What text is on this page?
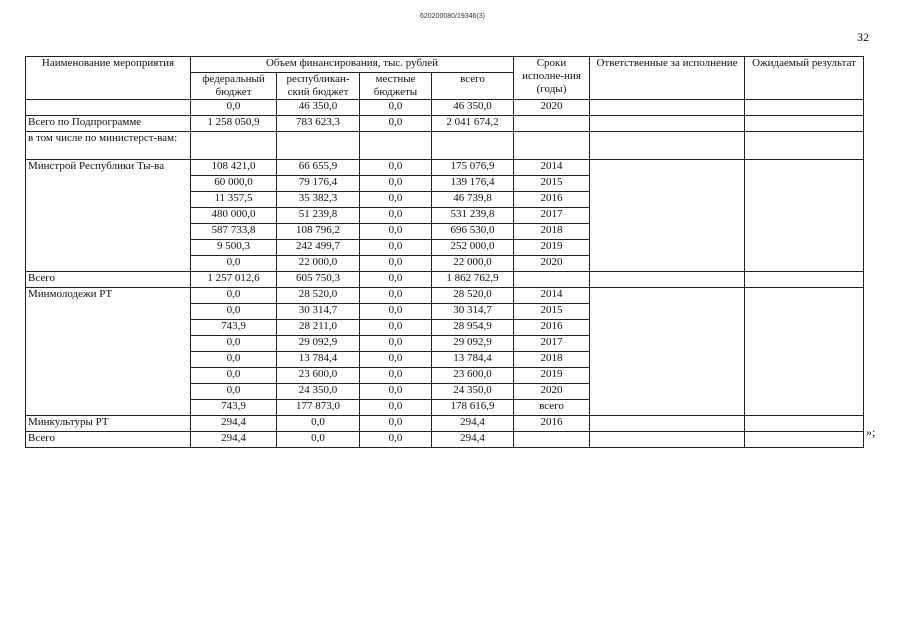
620200080/19346(3)
32
Наименование мероприятия	Объем финансирования, тыс. рублей				Сроки исполне-ния (годы)	Ответственные за исполнение	Ожидаемый результат
	федеральный бюджет	республикан-ский бюджет	местные бюджеты	всего			
	0,0	46 350,0	0,0	46 350,0	2020		
Всего по Подпрограмме	1 258 050,9	783 623,3	0,0	2 041 674,2			
в том числе по министерст-вам:							
Минстрой Республики Ты-ва	108 421,0	66 655,9	0,0	175 076,9	2014		
	60 000,0	79 176,4	0,0	139 176,4	2015		
	11 357,5	35 382,3	0,0	46 739,8	2016		
	480 000,0	51 239,8	0,0	531 239,8	2017		
	587 733,8	108 796,2	0,0	696 530,0	2018		
	9 500,3	242 499,7	0,0	252 000,0	2019		
	0,0	22 000,0	0,0	22 000,0	2020		
Всего	1 257 012,6	605 750,3	0,0	1 862 762,9			
Минмолодежи РТ	0,0	28 520,0	0,0	28 520,0	2014		
	0,0	30 314,7	0,0	30 314,7	2015		
	743,9	28 211,0	0,0	28 954,9	2016		
	0,0	29 092,9	0,0	29 092,9	2017		
	0,0	13 784,4	0,0	13 784,4	2018		
	0,0	23 600,0	0,0	23 600,0	2019		
	0,0	24 350,0	0,0	24 350,0	2020		
	743,9	177 873,0	0,0	178 616,9	всего		
Минкультуры РТ	294,4	0,0	0,0	294,4	2016		
Всего	294,4	0,0	0,0	294,4				»;
